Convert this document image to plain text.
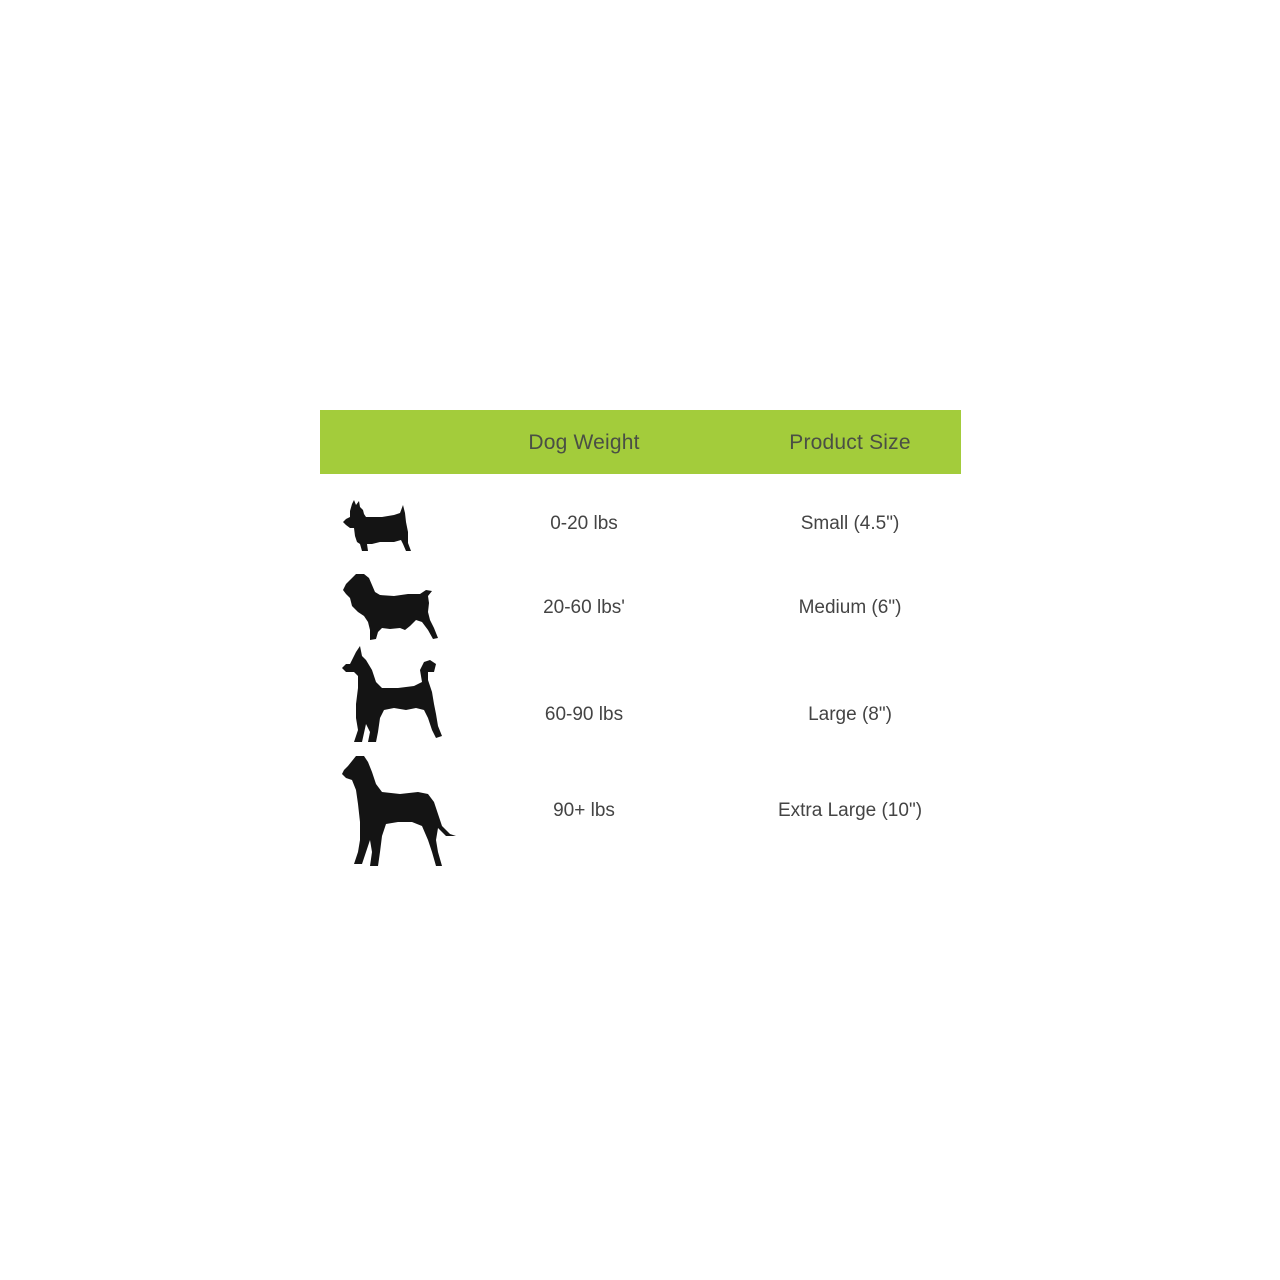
Dog Weight	Product Size
0-20 lbs	Small (4.5")
20-60 lbs'	Medium (6")
60-90 lbs	Large (8")
90+ lbs	Extra Large (10")
